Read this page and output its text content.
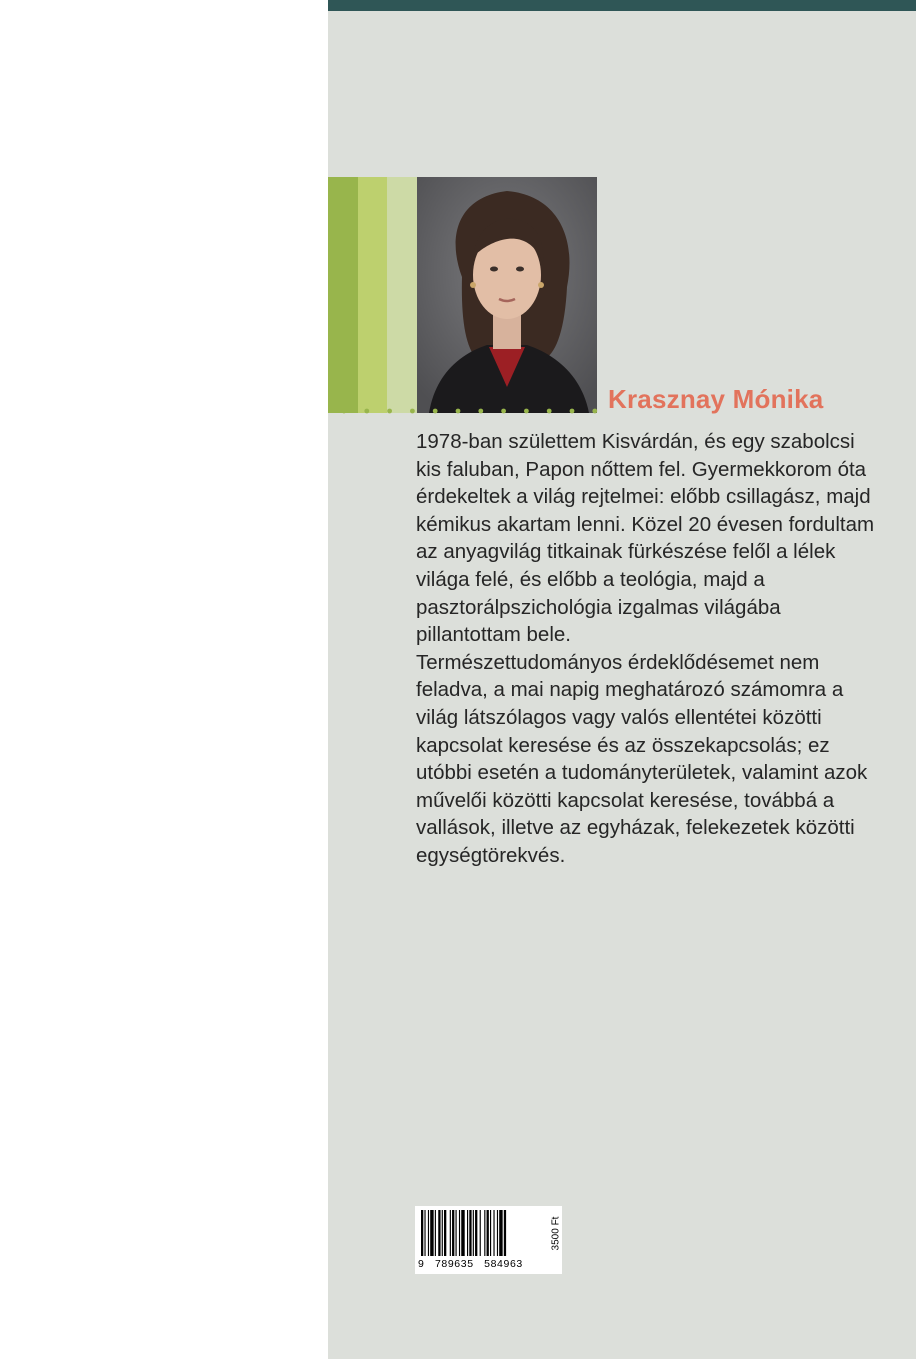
Krasznay Mónika

1978-ban születtem Kisvárdán, és egy szabolcsi kis faluban, Papon nőttem fel. Gyermekkorom óta érdekeltek a világ rejtelmei: előbb csillagász, majd kémikus akartam lenni. Közel 20 évesen fordultam az anyagvilág titkainak fürkészése felől a lélek világa felé, és előbb a teológia, majd a pasztorálpszichológia izgalmas világába pillantottam bele.

Természettudományos érdeklődésemet nem feladva, a mai napig meghatározó számomra a világ látszólagos vagy valós ellentétei közötti kapcsolat keresése és az összekapcsolás; ez utóbbi esetén a tudományterületek, valamint azok művelői közötti kapcsolat keresése, továbbá a vallások, illetve az egyházak, felekezetek közötti egységtörekvés.

9   789635   584963
3500 Ft
